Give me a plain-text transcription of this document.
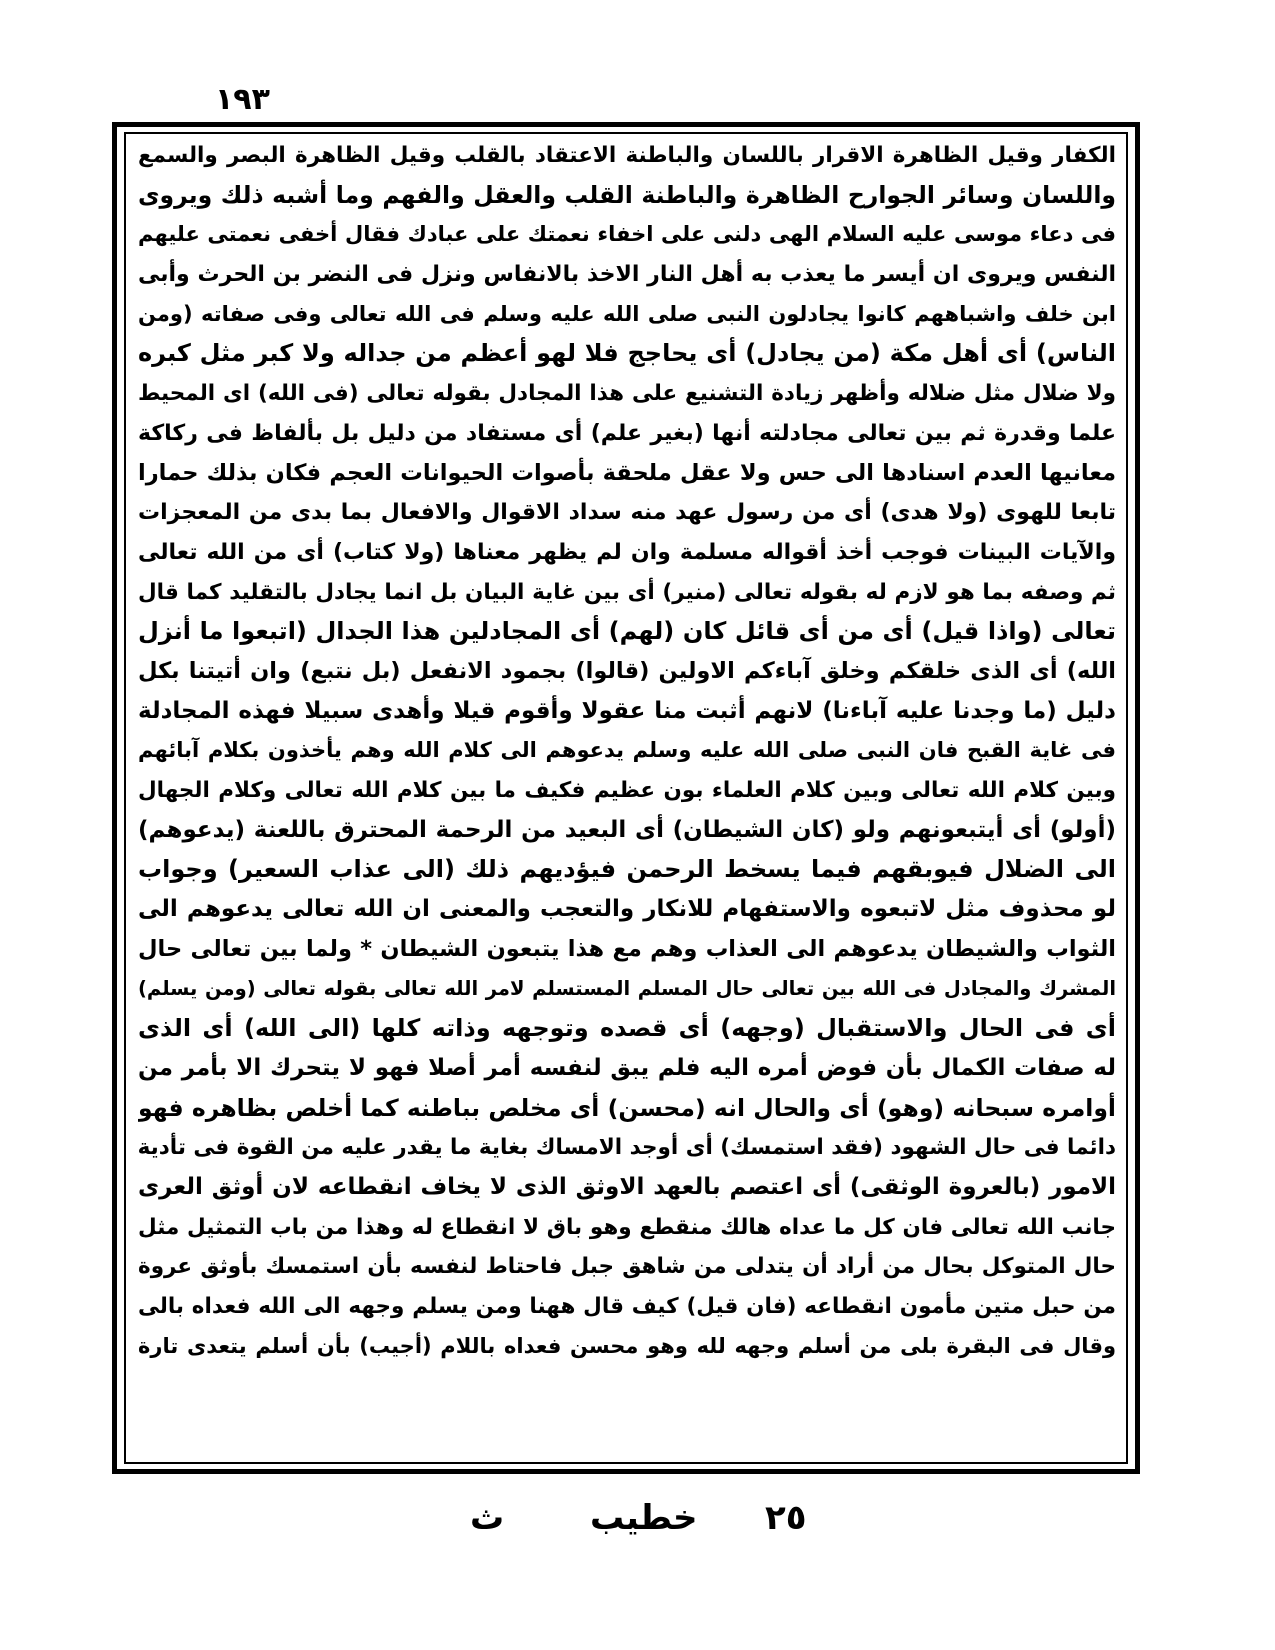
١٩٣
الكفار وقيل الظاهرة الاقرار باللسان والباطنة الاعتقاد بالقلب وقيل الظاهرة البصر والسمع
واللسان وسائر الجوارح الظاهرة والباطنة القلب والعقل والفهم وما أشبه ذلك ويروى
فى دعاء موسى عليه السلام الهى دلنى على اخفاء نعمتك على عبادك فقال أخفى نعمتى عليهم
النفس ويروى ان أيسر ما يعذب به أهل النار الاخذ بالانفاس ونزل فى النضر بن الحرث وأبى
ابن خلف واشباههم كانوا يجادلون النبى صلى الله عليه وسلم فى الله تعالى وفى صفاته (ومن
الناس) أى أهل مكة (من يجادل) أى يحاجج فلا لهو أعظم من جداله ولا كبر مثل كبره
ولا ضلال مثل ضلاله وأظهر زيادة التشنيع على هذا المجادل بقوله تعالى (فى الله) اى المحيط
علما وقدرة ثم بين تعالى مجادلته أنها (بغير علم) أى مستفاد من دليل بل بألفاظ فى ركاكة
معانيها العدم اسنادها الى حس ولا عقل ملحقة بأصوات الحيوانات العجم فكان بذلك حمارا
تابعا للهوى (ولا هدى) أى من رسول عهد منه سداد الاقوال والافعال بما بدى من المعجزات
والآيات البينات فوجب أخذ أقواله مسلمة وان لم يظهر معناها (ولا كتاب) أى من الله تعالى
ثم وصفه بما هو لازم له بقوله تعالى (منير) أى بين غاية البيان بل انما يجادل بالتقليد كما قال
تعالى (واذا قيل) أى من أى قائل كان (لهم) أى المجادلين هذا الجدال (اتبعوا ما أنزل
الله) أى الذى خلقكم وخلق آباءكم الاولين (قالوا) بجمود الانفعل (بل نتبع) وان أتيتنا بكل
دليل (ما وجدنا عليه آباءنا) لانهم أثبت منا عقولا وأقوم قيلا وأهدى سبيلا فهذه المجادلة
فى غاية القبح فان النبى صلى الله عليه وسلم يدعوهم الى كلام الله وهم يأخذون بكلام آبائهم
وبين كلام الله تعالى وبين كلام العلماء بون عظيم فكيف ما بين كلام الله تعالى وكلام الجهال
(أولو) أى أيتبعونهم ولو (كان الشيطان) أى البعيد من الرحمة المحترق باللعنة (يدعوهم)
الى الضلال فيوبقهم فيما يسخط الرحمن فيؤديهم ذلك (الى عذاب السعير) وجواب
لو محذوف مثل لاتبعوه والاستفهام للانكار والتعجب والمعنى ان الله تعالى يدعوهم الى
الثواب والشيطان يدعوهم الى العذاب وهم مع هذا يتبعون الشيطان * ولما بين تعالى حال
المشرك والمجادل فى الله بين تعالى حال المسلم المستسلم لامر الله تعالى بقوله تعالى (ومن يسلم)
أى فى الحال والاستقبال (وجهه) أى قصده وتوجهه وذاته كلها (الى الله) أى الذى
له صفات الكمال بأن فوض أمره اليه فلم يبق لنفسه أمر أصلا فهو لا يتحرك الا بأمر من
أوامره سبحانه (وهو) أى والحال انه (محسن) أى مخلص بباطنه كما أخلص بظاهره فهو
دائما فى حال الشهود (فقد استمسك) أى أوجد الامساك بغاية ما يقدر عليه من القوة فى تأدية
الامور (بالعروة الوثقى) أى اعتصم بالعهد الاوثق الذى لا يخاف انقطاعه لان أوثق العرى
جانب الله تعالى فان كل ما عداه هالك منقطع وهو باق لا انقطاع له وهذا من باب التمثيل مثل
حال المتوكل بحال من أراد أن يتدلى من شاهق جبل فاحتاط لنفسه بأن استمسك بأوثق عروة
من حبل متين مأمون انقطاعه (فان قيل) كيف قال ههنا ومن يسلم وجهه الى الله فعداه بالى
وقال فى البقرة بلى من أسلم وجهه لله وهو محسن فعداه باللام (أجيب) بأن أسلم يتعدى تارة
٢٥
خطيب
ث
